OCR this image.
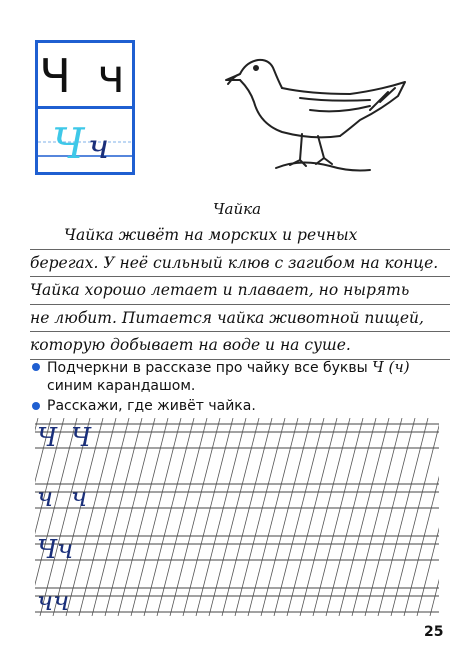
Ч ч
Ч ч
Чайка
Чайка живёт на морских и речных
берегах. У неё сильный клюв с загибом на конце.
Чайка хорошо летает и плавает, но нырять
не любит. Питается чайка животной пищей,
которую добывает на воде и на суше.
Подчеркни в рассказе про чайку все буквы Ч (ч)
синим карандашом.
Расскажи, где живёт чайка.
Ч Ч
ч ч
Чч
чч
25
